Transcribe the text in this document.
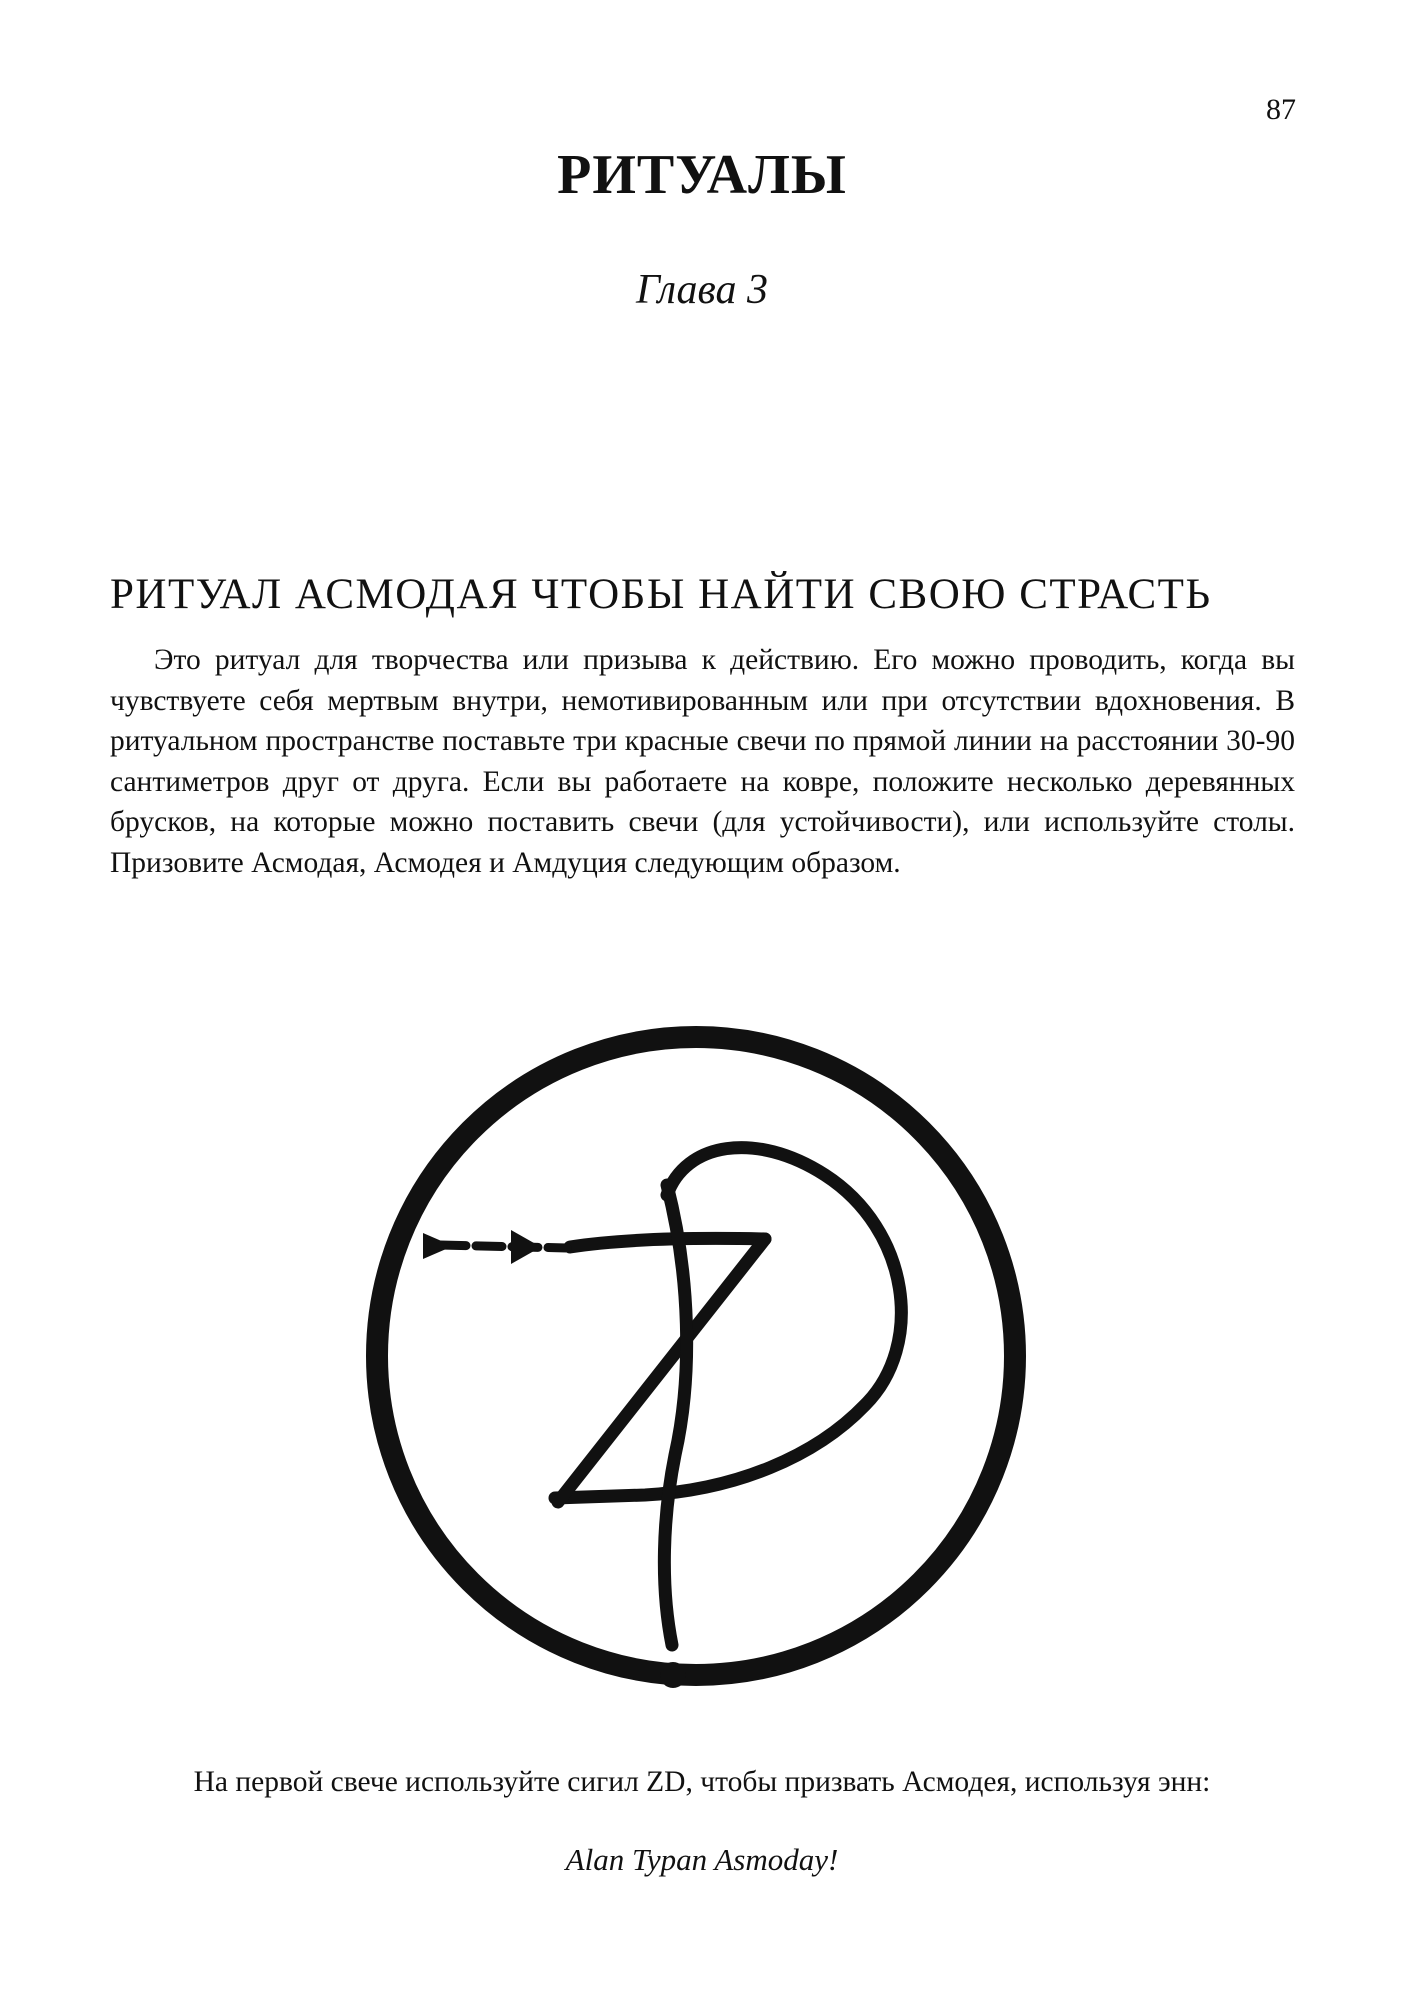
87
РИТУАЛЫ
Глава 3
РИТУАЛ АСМОДАЯ ЧТОБЫ НАЙТИ СВОЮ СТРАСТЬ

Это ритуал для творчества или призыва к действию. Его можно проводить, когда вы чувствуете себя мертвым внутри, немотивированным или при отсутствии вдохновения. В ритуальном пространстве поставьте три красные свечи по прямой линии на расстоянии 30-90 сантиметров друг от друга. Если вы работаете на ковре, положите несколько деревянных брусков, на которые можно поставить свечи (для устойчивости), или используйте столы. Призовите Асмодая, Асмодея и Амдуция следующим образом.

На первой свече используйте сигил ZD, чтобы призвать Асмодея, используя энн:
Alan Typan Asmoday!
